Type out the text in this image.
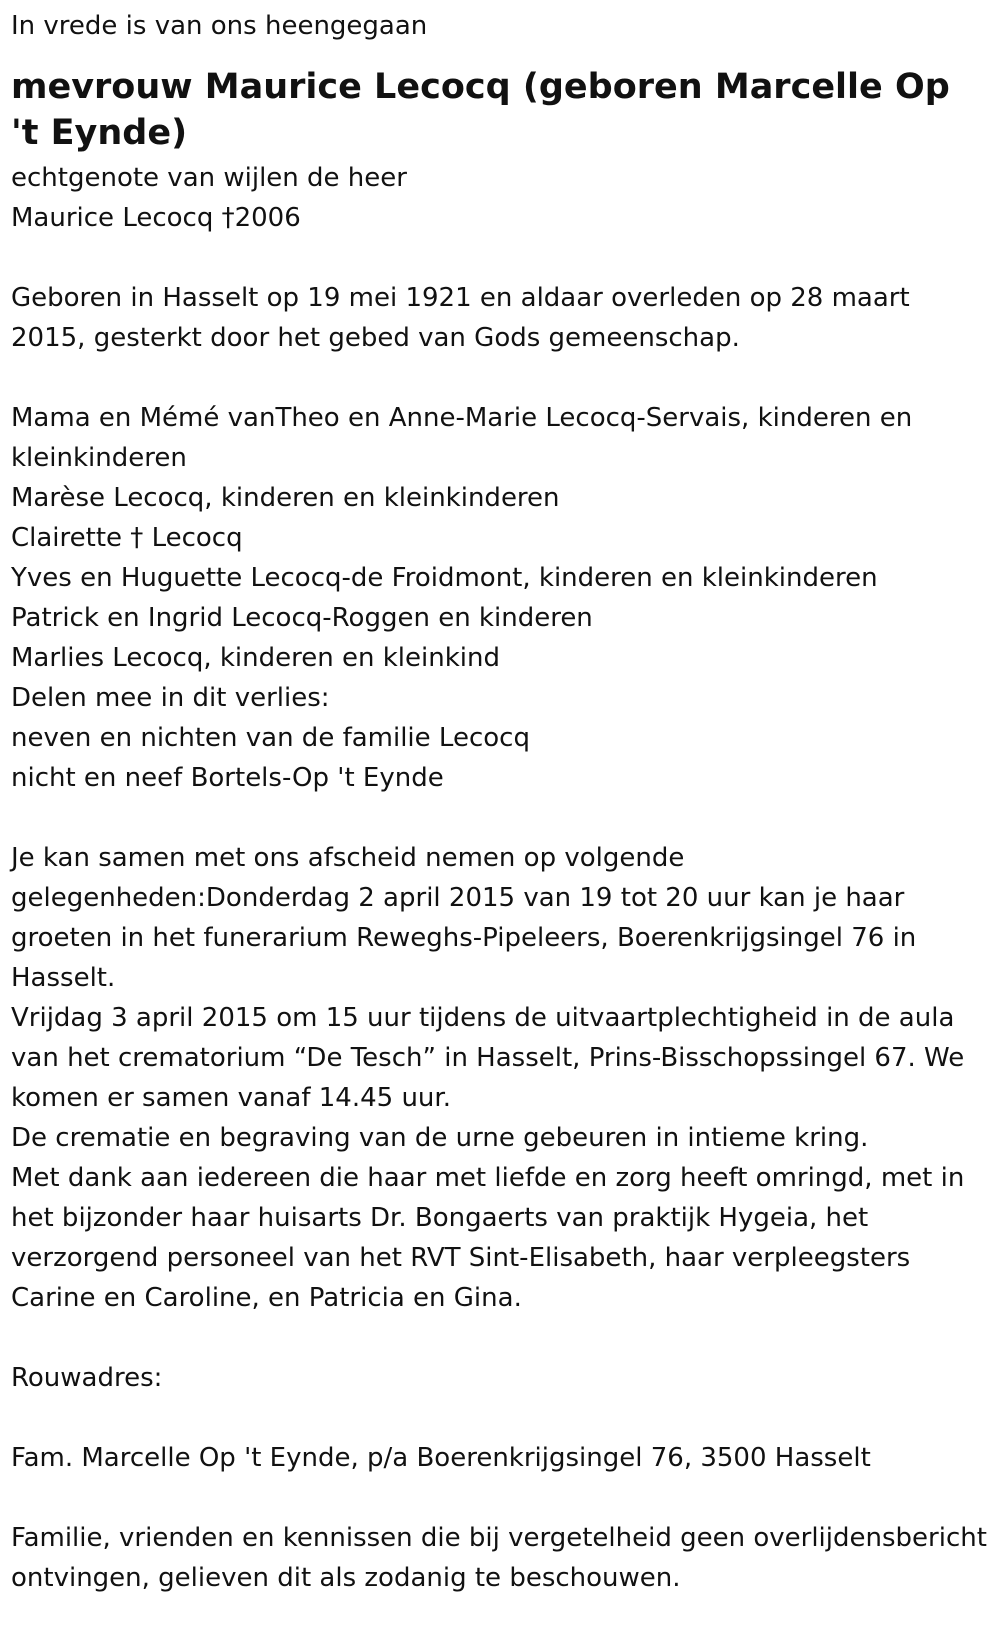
In vrede is van ons heengegaan

mevrouw Maurice Lecocq (geboren Marcelle Op 't Eynde)

echtgenote van wijlen de heer

Maurice Lecocq †2006

Geboren in Hasselt op 19 mei 1921 en aldaar overleden op 28 maart 2015, gesterkt door het gebed van Gods gemeenschap.

Mama en Mémé vanTheo en Anne-Marie Lecocq-Servais, kinderen en kleinkinderen

Marèse Lecocq, kinderen en kleinkinderen

Clairette † Lecocq

Yves en Huguette Lecocq-de Froidmont, kinderen en kleinkinderen

Patrick en Ingrid Lecocq-Roggen en kinderen

Marlies Lecocq, kinderen en kleinkind

Delen mee in dit verlies:

neven en nichten van de familie Lecocq

nicht en neef Bortels-Op 't Eynde

Je kan samen met ons afscheid nemen op volgende gelegenheden:Donderdag 2 april 2015 van 19 tot 20 uur kan je haar groeten in het funerarium Reweghs-Pipeleers, Boerenkrijgsingel 76 in Hasselt.

Vrijdag 3 april 2015 om 15 uur tijdens de uitvaartplechtigheid in de aula van het crematorium “De Tesch” in Hasselt, Prins-Bisschopssingel 67. We komen er samen vanaf 14.45 uur.

De crematie en begraving van de urne gebeuren in intieme kring.

Met dank aan iedereen die haar met liefde en zorg heeft omringd, met in het bijzonder haar huisarts Dr. Bongaerts van praktijk Hygeia, het verzorgend personeel van het RVT Sint-Elisabeth, haar verpleegsters Carine en Caroline, en Patricia en Gina.

Rouwadres:

Fam. Marcelle Op 't Eynde, p/a Boerenkrijgsingel 76, 3500 Hasselt

Familie, vrienden en kennissen die bij vergetelheid geen overlijdensbericht ontvingen, gelieven dit als zodanig te beschouwen.
